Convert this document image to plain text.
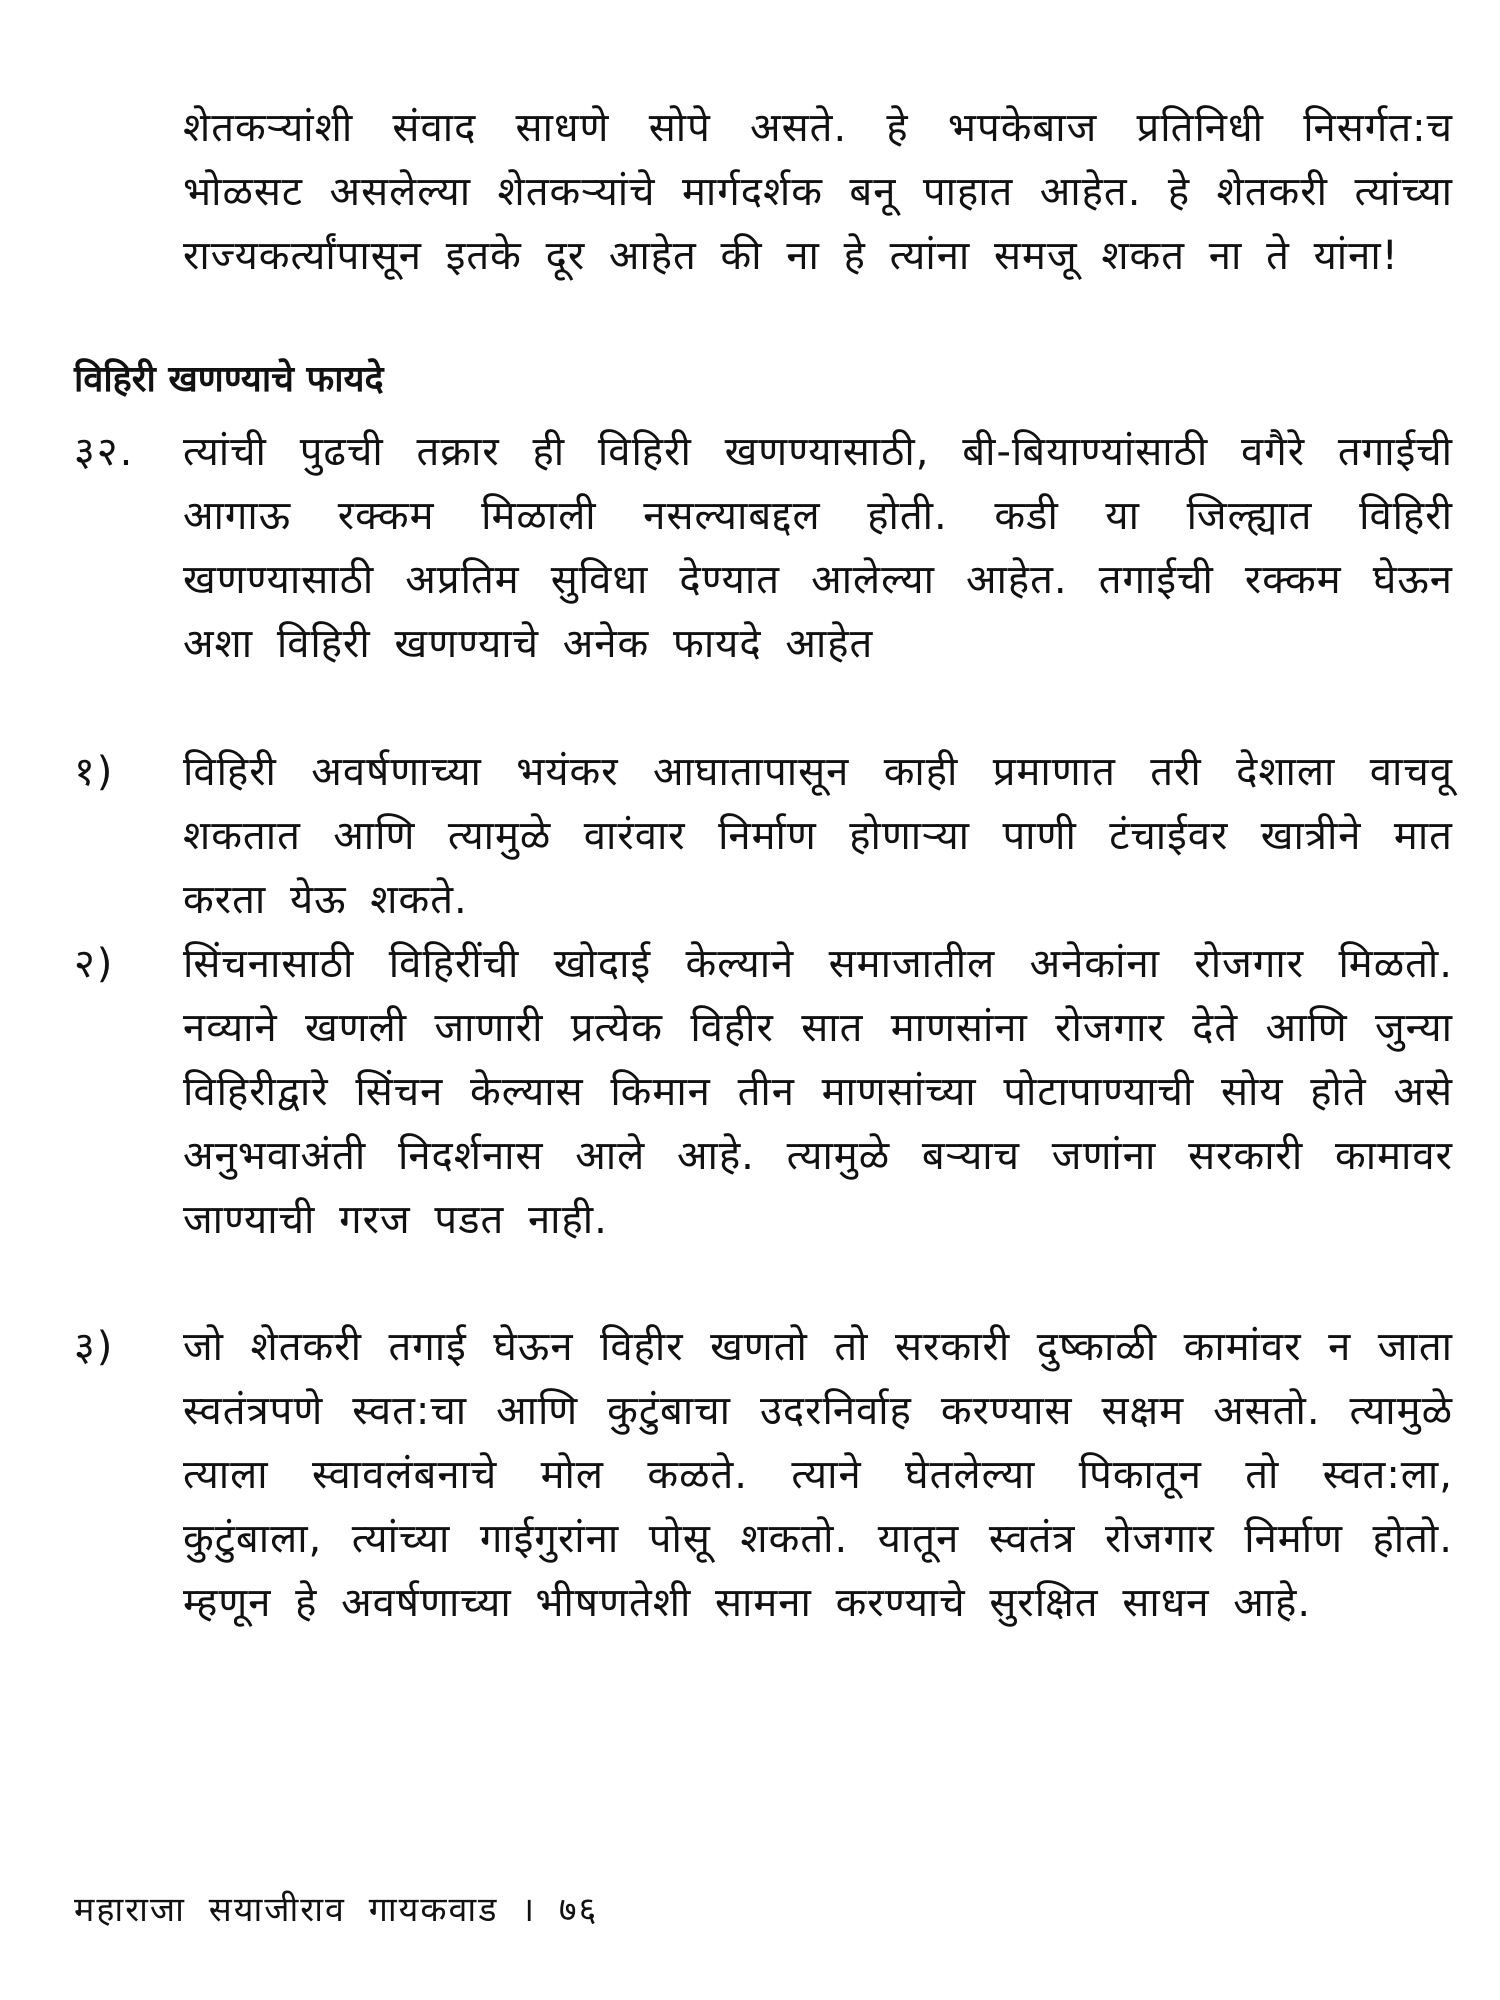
शेतकऱ्यांशी संवाद साधणे सोपे असते. हे भपकेबाज प्रतिनिधी निसर्गत:च भोळसट असलेल्या शेतकऱ्यांचे मार्गदर्शक बनू पाहात आहेत. हे शेतकरी त्यांच्या राज्यकर्त्यांपासून इतके दूर आहेत की ना हे त्यांना समजू शकत ना ते यांना!

विहिरी खणण्याचे फायदे
३२. त्यांची पुढची तक्रार ही विहिरी खणण्यासाठी, बी-बियाण्यांसाठी वगैरे तगाईची आगाऊ रक्कम मिळाली नसल्याबद्दल होती. कडी या जिल्ह्यात विहिरी खणण्यासाठी अप्रतिम सुविधा देण्यात आलेल्या आहेत. तगाईची रक्कम घेऊन अशा विहिरी खणण्याचे अनेक फायदे आहेत

१) विहिरी अवर्षणाच्या भयंकर आघातापासून काही प्रमाणात तरी देशाला वाचवू शकतात आणि त्यामुळे वारंवार निर्माण होणाऱ्या पाणी टंचाईवर खात्रीने मात करता येऊ शकते.

२) सिंचनासाठी विहिरींची खोदाई केल्याने समाजातील अनेकांना रोजगार मिळतो. नव्याने खणली जाणारी प्रत्येक विहीर सात माणसांना रोजगार देते आणि जुन्या विहिरीद्वारे सिंचन केल्यास किमान तीन माणसांच्या पोटापाण्याची सोय होते असे अनुभवाअंती निदर्शनास आले आहे. त्यामुळे बऱ्याच जणांना सरकारी कामावर जाण्याची गरज पडत नाही.

३) जो शेतकरी तगाई घेऊन विहीर खणतो तो सरकारी दुष्काळी कामांवर न जाता स्वतंत्रपणे स्वत:चा आणि कुटुंबाचा उदरनिर्वाह करण्यास सक्षम असतो. त्यामुळे त्याला स्वावलंबनाचे मोल कळते. त्याने घेतलेल्या पिकातून तो स्वत:ला, कुटुंबाला, त्यांच्या गाईगुरांना पोसू शकतो. यातून स्वतंत्र रोजगार निर्माण होतो. म्हणून हे अवर्षणाच्या भीषणतेशी सामना करण्याचे सुरक्षित साधन आहे.

महाराजा सयाजीराव गायकवाड । ७६
